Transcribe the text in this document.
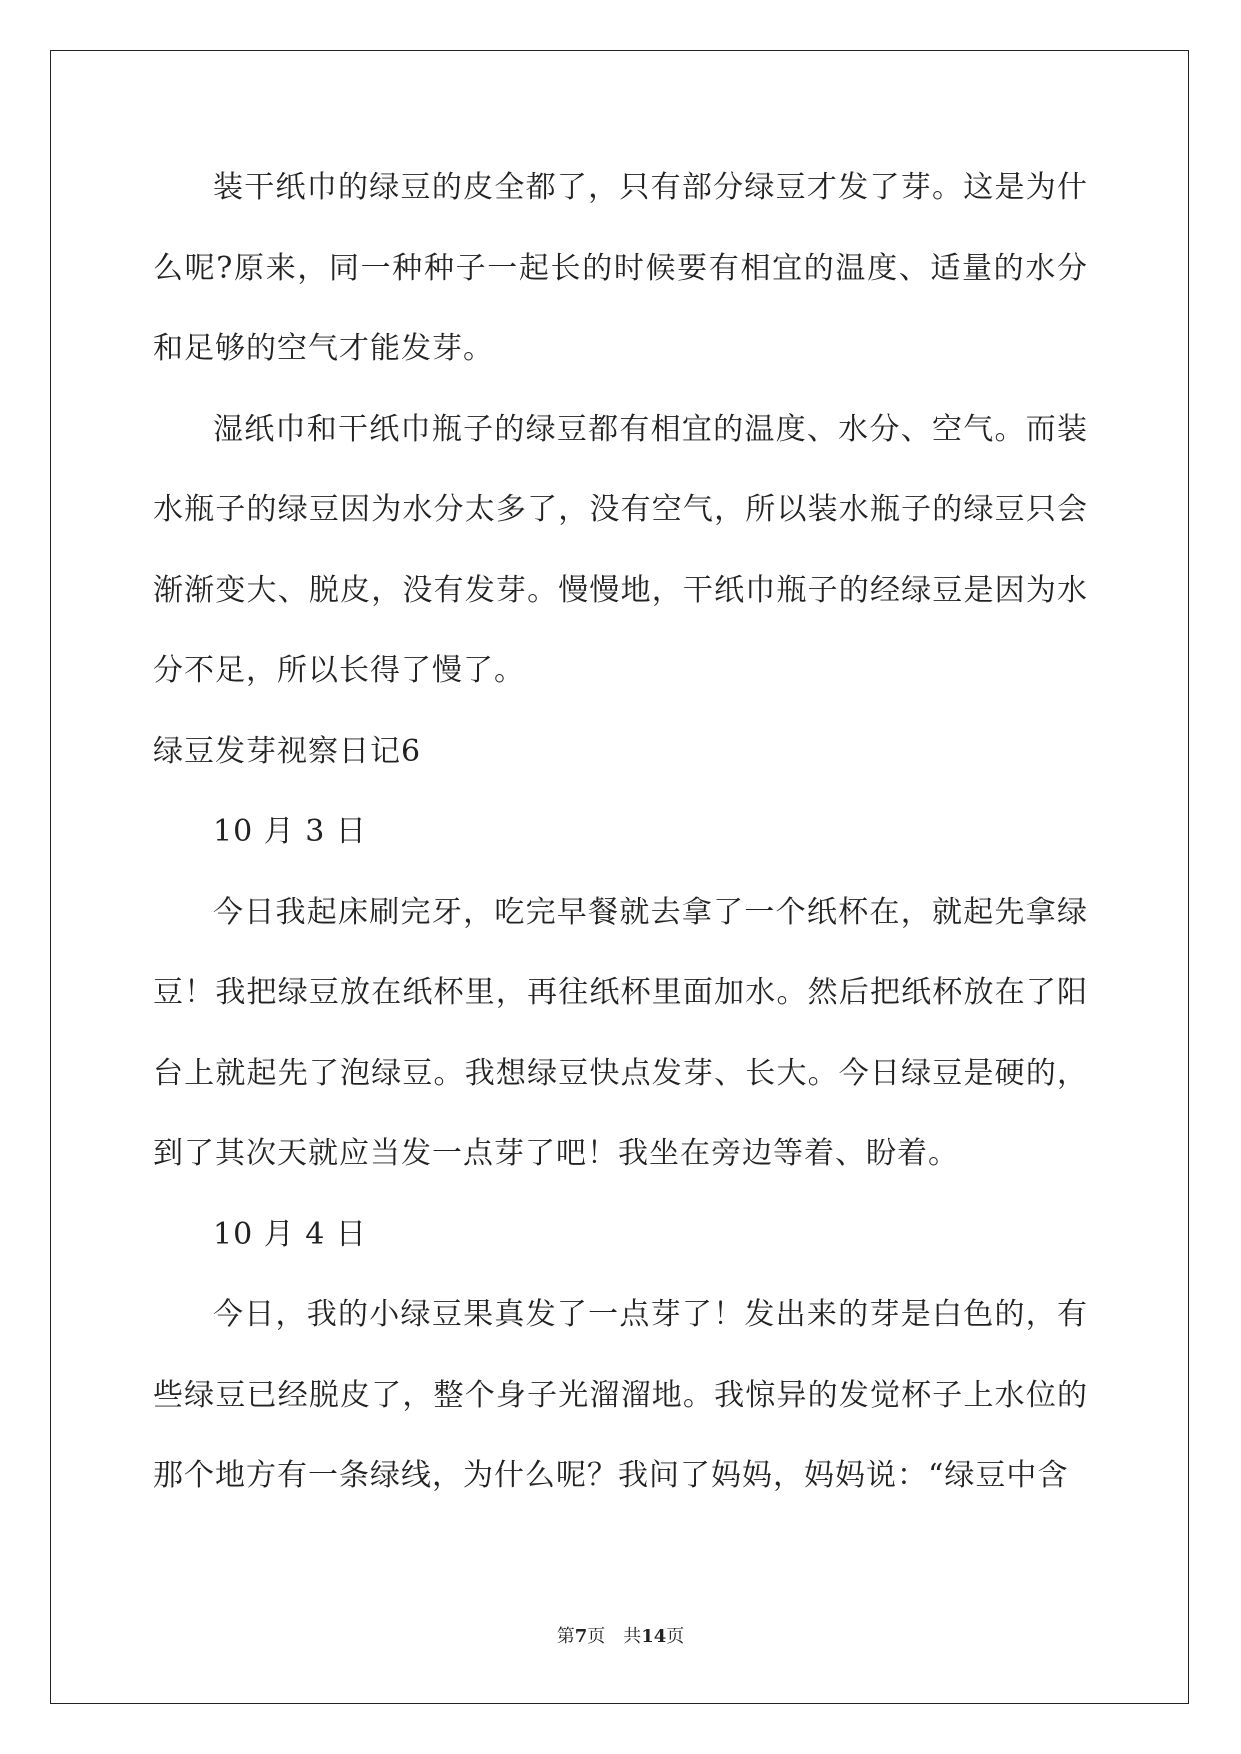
装干纸巾的绿豆的皮全都了，只有部分绿豆才发了芽。这是为什么呢?原来，同一种种子一起长的时候要有相宜的温度、适量的水分和足够的空气才能发芽。

湿纸巾和干纸巾瓶子的绿豆都有相宜的温度、水分、空气。而装水瓶子的绿豆因为水分太多了，没有空气，所以装水瓶子的绿豆只会渐渐变大、脱皮，没有发芽。慢慢地，干纸巾瓶子的经绿豆是因为水分不足，所以长得了慢了。

绿豆发芽视察日记6

10 月 3 日

今日我起床刷完牙，吃完早餐就去拿了一个纸杯在，就起先拿绿豆！我把绿豆放在纸杯里，再往纸杯里面加水。然后把纸杯放在了阳台上就起先了泡绿豆。我想绿豆快点发芽、长大。今日绿豆是硬的，到了其次天就应当发一点芽了吧！我坐在旁边等着、盼着。

10 月 4 日

今日，我的小绿豆果真发了一点芽了！发出来的芽是白色的，有些绿豆已经脱皮了，整个身子光溜溜地。我惊异的发觉杯子上水位的那个地方有一条绿线，为什么呢？我问了妈妈，妈妈说：“绿豆中含

第7页　共14页
